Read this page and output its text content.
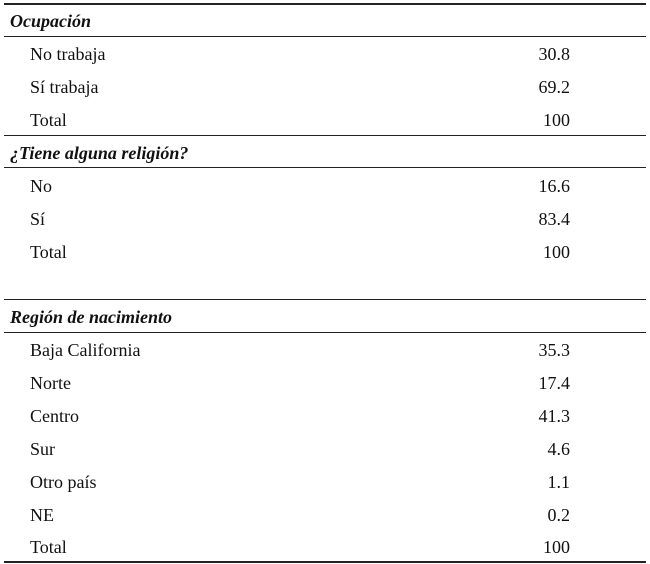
Ocupación
No trabaja	30.8
Sí trabaja	69.2
Total	100
¿Tiene alguna religión?
No	16.6
Sí	83.4
Total	100
Región de nacimiento
Baja California	35.3
Norte	17.4
Centro	41.3
Sur	4.6
Otro país	1.1
NE	0.2
Total	100
